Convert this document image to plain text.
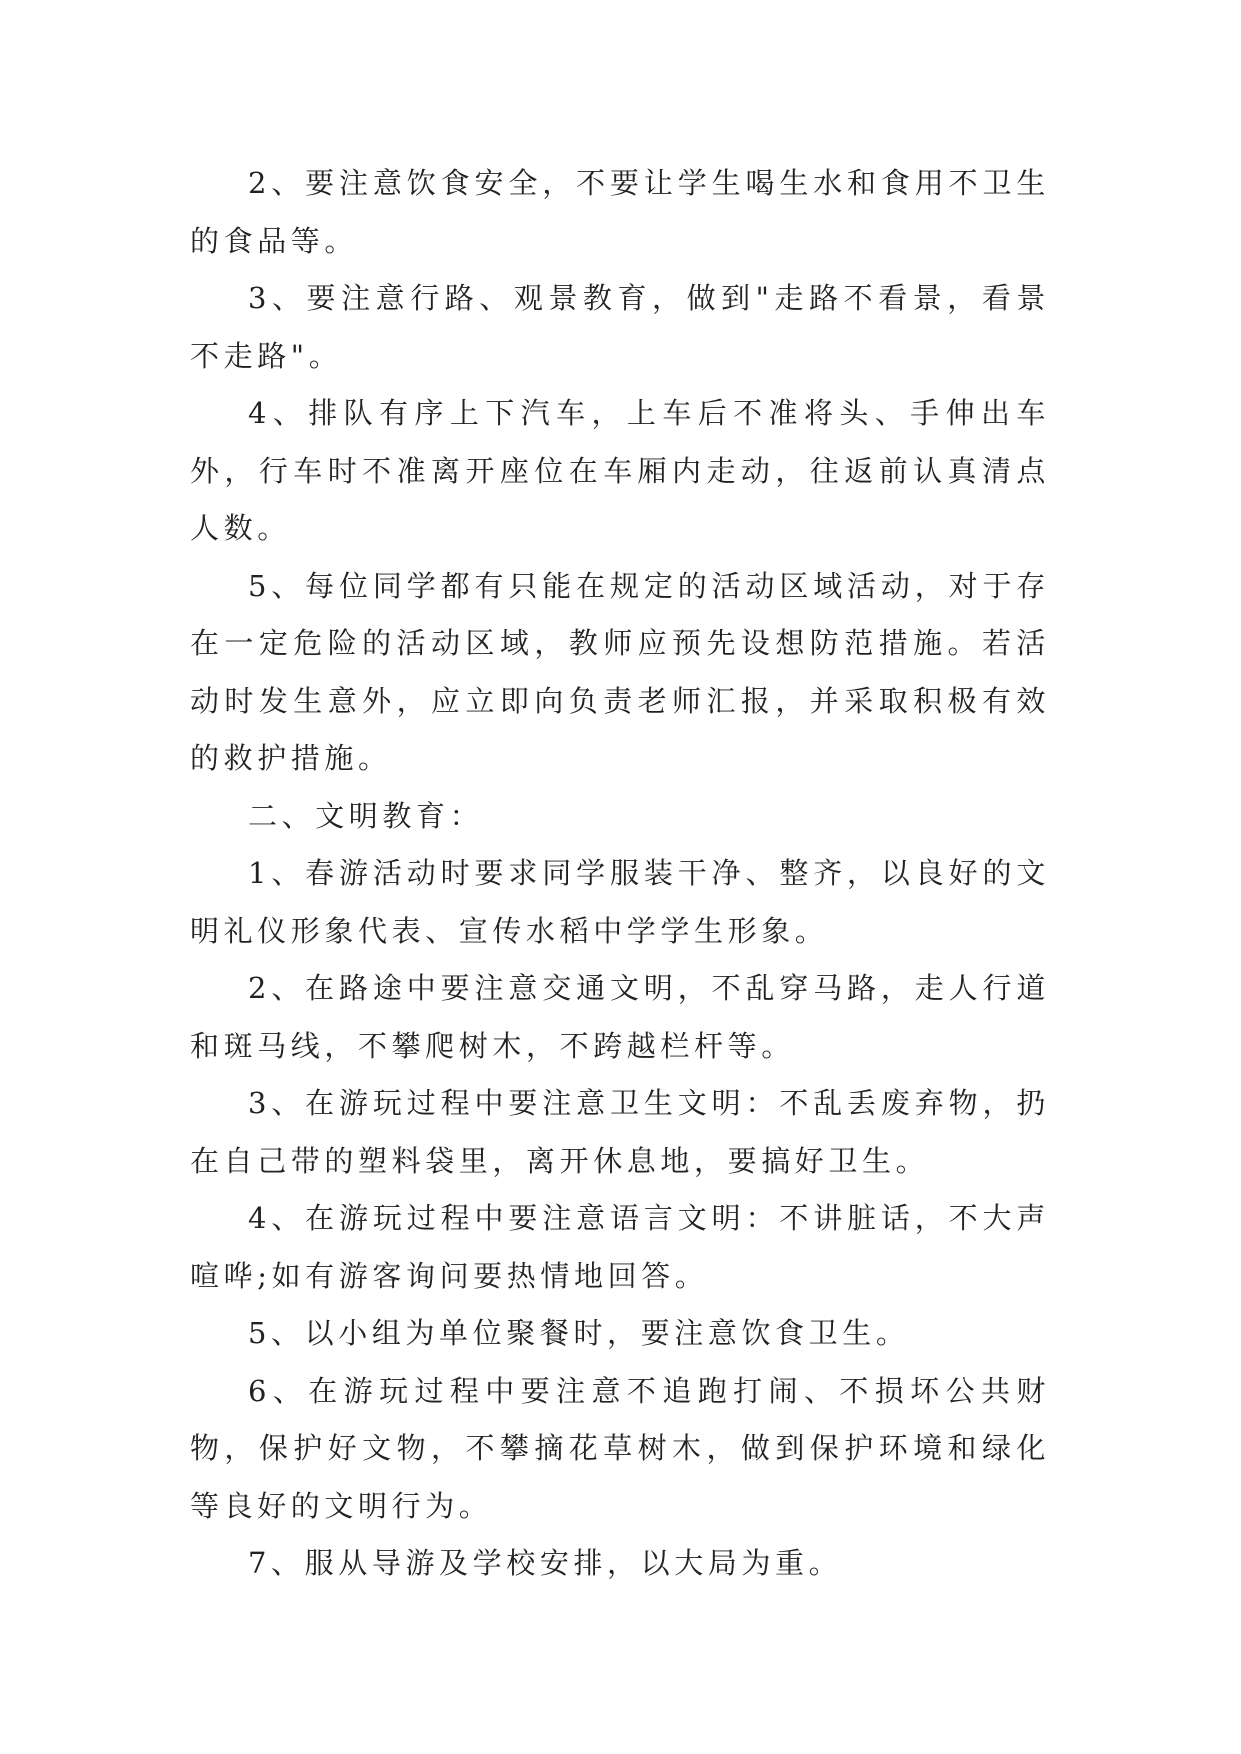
2、要注意饮食安全，不要让学生喝生水和食用不卫生的食品等。

3、要注意行路、观景教育，做到"走路不看景，看景不走路"。

4、排队有序上下汽车，上车后不准将头、手伸出车外，行车时不准离开座位在车厢内走动，往返前认真清点人数。

5、每位同学都有只能在规定的活动区域活动，对于存在一定危险的活动区域，教师应预先设想防范措施。若活动时发生意外，应立即向负责老师汇报，并采取积极有效的救护措施。

二、文明教育：

1、春游活动时要求同学服装干净、整齐，以良好的文明礼仪形象代表、宣传水稻中学学生形象。

2、在路途中要注意交通文明，不乱穿马路，走人行道和斑马线，不攀爬树木，不跨越栏杆等。

3、在游玩过程中要注意卫生文明：不乱丢废弃物，扔在自己带的塑料袋里，离开休息地，要搞好卫生。

4、在游玩过程中要注意语言文明：不讲脏话，不大声喧哗;如有游客询问要热情地回答。

5、以小组为单位聚餐时，要注意饮食卫生。

6、在游玩过程中要注意不追跑打闹、不损坏公共财物，保护好文物，不攀摘花草树木，做到保护环境和绿化等良好的文明行为。

7、服从导游及学校安排，以大局为重。
